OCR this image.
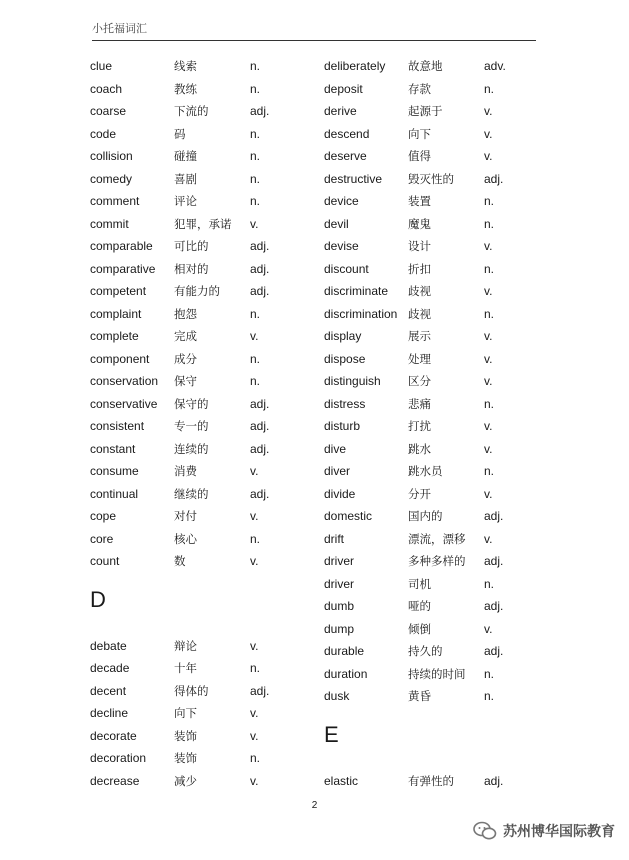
小托福词汇
clue	线索	n.
coach	教练	n.
coarse	下流的	adj.
code	码	n.
collision	碰撞	n.
comedy	喜剧	n.
comment	评论	n.
commit	犯罪，承诺 v.
comparable 可比的	adj.
comparative 相对的	adj.
competent 有能力的	adj.
complaint	抱怨	n.
complete	完成	v.
component 成分	n.
conservation 保守	n.
conservative 保守的	adj.
consistent	专一的	adj.
constant	连续的	adj.
consume	消费	v.
continual	继续的	adj.
cope	对付	v.
core	核心	n.
count	数	v.
D
debate	辩论	v.
decade	十年	n.
decent	得体的	adj.
decline	向下	v.
decorate	装饰	v.
decoration 装饰	n.
decrease	减少	v.
deliberately 故意地	adv.
deposit	存款	n.
derive	起源于	v.
descend	向下	v.
deserve	值得	v.
destructive 毁灭性的	adj.
device	装置	n.
devil	魔鬼	n.
devise	设计	v.
discount	折扣	n.
discriminate 歧视	v.
discrimination 歧视	n.
display	展示	v.
dispose	处理	v.
distinguish 区分	v.
distress	悲痛	n.
disturb	打扰	v.
dive	跳水	v.
diver	跳水员	n.
divide	分开	v.
domestic	国内的	adj.
drift	漂流，漂移 v.
driver	多种多样的 adj.
driver	司机	n.
dumb	哑的	adj.
dump	倾倒	v.
durable	持久的	adj.
duration	持续的时间 n.
dusk	黄昏	n.
E
elastic	有弹性的	adj.
2
苏州博华国际教育
